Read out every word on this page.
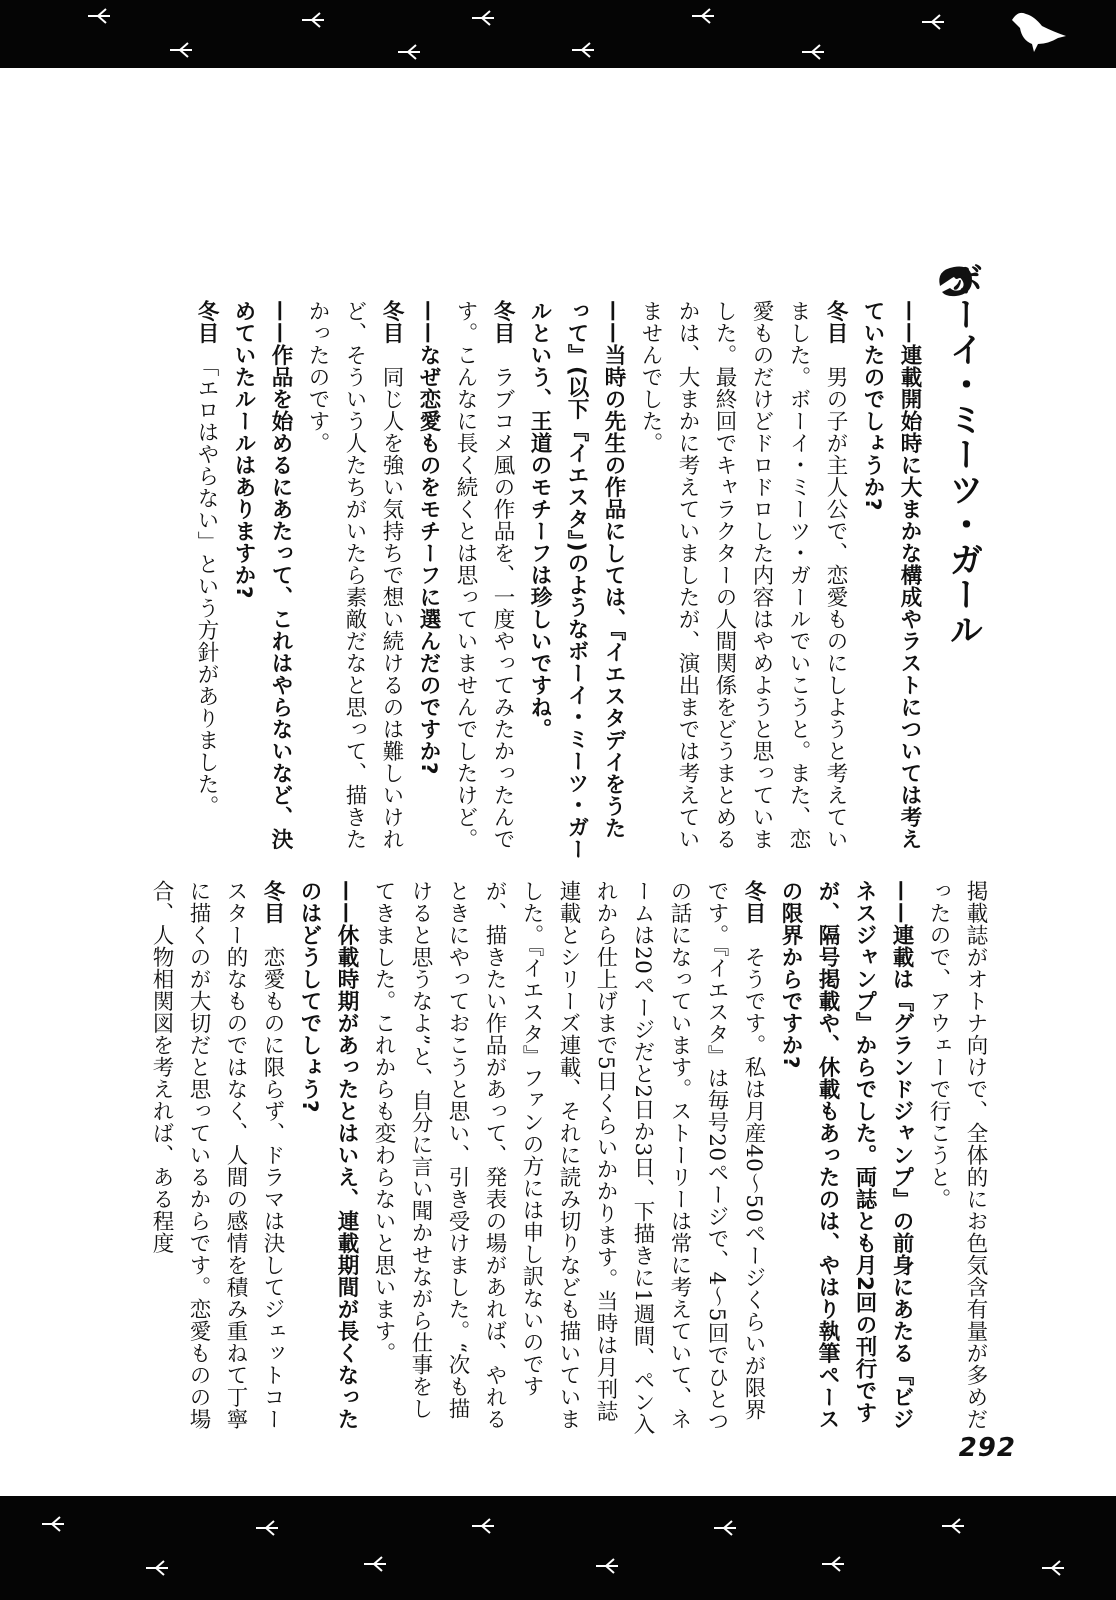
ボーイ・ミーツ・ガール

——連載開始時に大まかな構成やラストについては考えていたのでしょうか?

冬目　男の子が主人公で、恋愛ものにしようと考えていました。ボーイ・ミーツ・ガールでいこうと。また、恋愛ものだけどドロドロした内容はやめようと思っていました。最終回でキャラクターの人間関係をどうまとめるかは、大まかに考えていましたが、演出までは考えていませんでした。

——当時の先生の作品にしては、『イエスタデイをうたって』(以下『イエスタ』)のようなボーイ・ミーツ・ガールという、王道のモチーフは珍しいですね。

冬目　ラブコメ風の作品を、一度やってみたかったんです。こんなに長く続くとは思っていませんでしたけど。

——なぜ恋愛ものをモチーフに選んだのですか?

冬目　同じ人を強い気持ちで想い続けるのは難しいけれど、そういう人たちがいたら素敵だなと思って、描きたかったのです。

——作品を始めるにあたって、これはやらないなど、決めていたルールはありますか?

冬目　「エロはやらない」という方針がありました。

掲載誌がオトナ向けで、全体的にお色気含有量が多めだったので、アウェーで行こうと。

——連載は『グランドジャンプ』の前身にあたる『ビジネスジャンプ』からでした。両誌とも月2回の刊行ですが、隔号掲載や、休載もあったのは、やはり執筆ペースの限界からですか?

冬目　そうです。私は月産40〜50ページくらいが限界です。『イエスタ』は毎号20ページで、4〜5回でひとつの話になっています。ストーリーは常に考えていて、ネームは20ページだと2日か3日、下描きに1週間、ペン入れから仕上げまで5日くらいかかります。当時は月刊誌連載とシリーズ連載、それに読み切りなども描いていました。『イエスタ』ファンの方には申し訳ないのですが、描きたい作品があって、発表の場があれば、やれるときにやっておこうと思い、引き受けました。“次も描けると思うなよ”と、自分に言い聞かせながら仕事をしてきました。これからも変わらないと思います。

——休載時期があったとはいえ、連載期間が長くなったのはどうしてでしょう?

冬目　恋愛ものに限らず、ドラマは決してジェットコースター的なものではなく、人間の感情を積み重ねて丁寧に描くのが大切だと思っているからです。恋愛ものの場合、人物相関図を考えれば、ある程度

292
